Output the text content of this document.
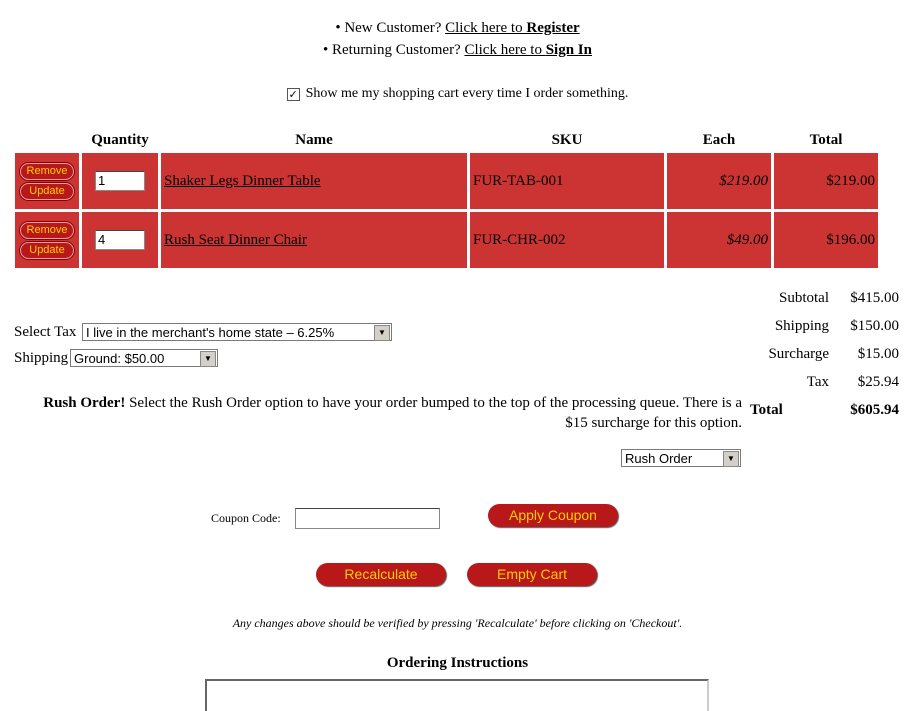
• New Customer? Click here to Register
• Returning Customer? Click here to Sign In
✓ Show me my shopping cart every time I order something.
	Quantity	Name	SKU	Each	Total

Remove
Update	1	Shaker Legs Dinner Table	FUR-TAB-001	$219.00	$219.00

Remove
Update	4	Rush Seat Dinner Chair	FUR-CHR-002	$49.00	$196.00
Select Tax I live in the merchant's home state – 6.25%	▼
Shipping Ground: $50.00	▼
Rush Order! Select the Rush Order option to have your order bumped to the top of the processing queue. There is a $15 surcharge for this option.
Rush Order	▼
Subtotal	$415.00
Shipping	$150.00
Surcharge	$15.00
Tax	$25.94
Total	$605.94
Coupon Code:	Apply Coupon
Recalculate	Empty Cart
Any changes above should be verified by pressing 'Recalculate' before clicking on 'Checkout'.
Ordering Instructions
